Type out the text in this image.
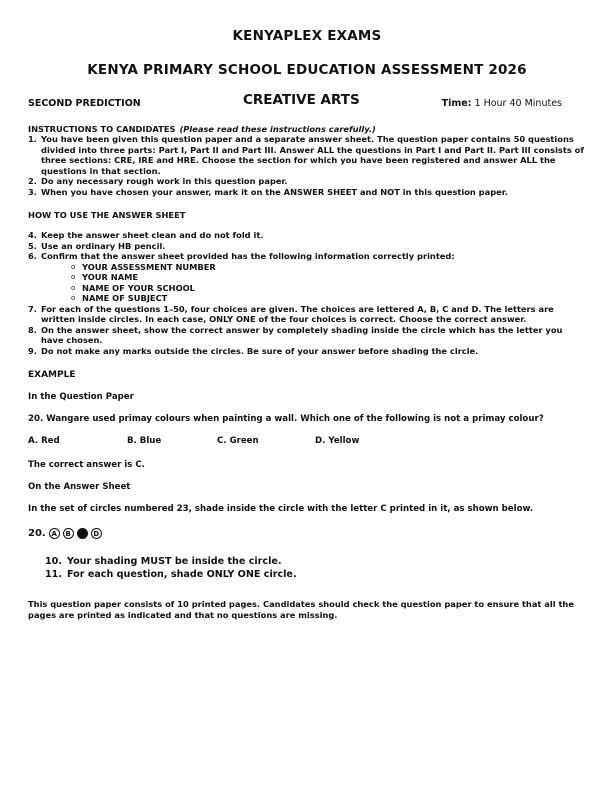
KENYAPLEX EXAMS
KENYA PRIMARY SCHOOL EDUCATION ASSESSMENT 2026
SECOND PREDICTION	CREATIVE ARTS	Time: 1 Hour 40 Minutes
INSTRUCTIONS TO CANDIDATES (Please read these instructions carefully.)
1. You have been given this question paper and a separate answer sheet. The question paper contains 50 questions divided into three parts: Part I, Part II and Part III. Answer ALL the questions in Part I and Part II. Part III consists of three sections: CRE, IRE and HRE. Choose the section for which you have been registered and answer ALL the questions in that section.
2. Do any necessary rough work in this question paper.
3. When you have chosen your answer, mark it on the ANSWER SHEET and NOT in this question paper.
HOW TO USE THE ANSWER SHEET
4. Keep the answer sheet clean and do not fold it.
5. Use an ordinary HB pencil.
6. Confirm that the answer sheet provided has the following information correctly printed:
o YOUR ASSESSMENT NUMBER
o YOUR NAME
o NAME OF YOUR SCHOOL
o NAME OF SUBJECT
7. For each of the questions 1–50, four choices are given. The choices are lettered A, B, C and D. The letters are written inside circles. In each case, ONLY ONE of the four choices is correct. Choose the correct answer.
8. On the answer sheet, show the correct answer by completely shading inside the circle which has the letter you have chosen.
9. Do not make any marks outside the circles. Be sure of your answer before shading the circle.
EXAMPLE
In the Question Paper
20. Wangare used primay colours when painting a wall. Which one of the following is not a primay colour?
A. Red	B. Blue	C. Green	D. Yellow
The correct answer is C.
On the Answer Sheet
In the set of circles numbered 23, shade inside the circle with the letter C printed in it, as shown below.
20. A	B	C	D
10. Your shading MUST be inside the circle.
11. For each question, shade ONLY ONE circle.
This question paper consists of 10 printed pages. Candidates should check the question paper to ensure that all the pages are printed as indicated and that no questions are missing.
